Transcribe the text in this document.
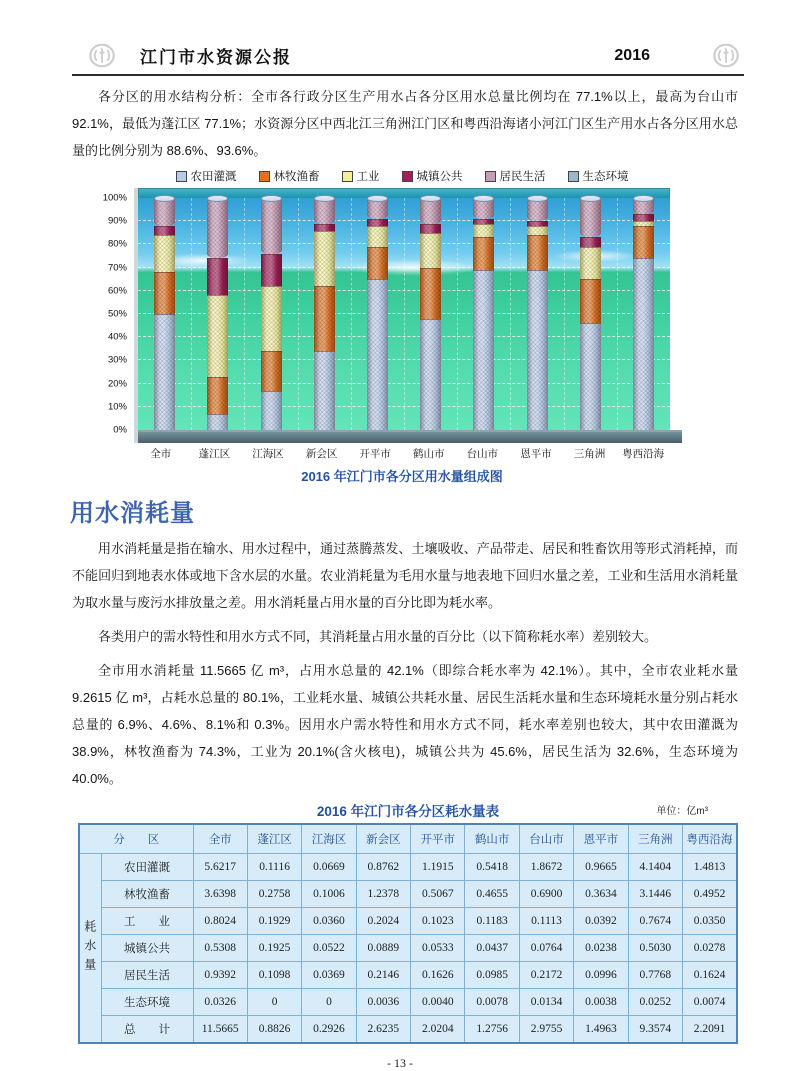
江门市水资源公报	2016
各分区的用水结构分析：全市各行政分区生产用水占各分区用水总量比例均在 77.1%以上，最高为台山市 92.1%，最低为蓬江区 77.1%；水资源分区中西北江三角洲江门区和粤西沿海诸小河江门区生产用水占各分区用水总量的比例分别为 88.6%、93.6%。
农田灌溉	林牧渔畜	工业	城镇公共	居民生活	生态环境
0%
10%
20%
30%
40%
50%
60%
70%
80%
90%
100%
全市	蓬江区	江海区	新会区	开平市	鹤山市	台山市	恩平市	三角洲	粤西沿海
2016 年江门市各分区用水量组成图
用水消耗量
用水消耗量是指在输水、用水过程中，通过蒸腾蒸发、土壤吸收、产品带走、居民和牲畜饮用等形式消耗掉，而不能回归到地表水体或地下含水层的水量。农业消耗量为毛用水量与地表地下回归水量之差，工业和生活用水消耗量为取水量与废污水排放量之差。用水消耗量占用水量的百分比即为耗水率。
各类用户的需水特性和用水方式不同，其消耗量占用水量的百分比（以下简称耗水率）差别较大。
全市用水消耗量 11.5665 亿 m³，占用水总量的 42.1%（即综合耗水率为 42.1%）。其中，全市农业耗水量 9.2615 亿 m³，占耗水总量的 80.1%，工业耗水量、城镇公共耗水量、居民生活耗水量和生态环境耗水量分别占耗水总量的 6.9%、4.6%、8.1%和 0.3%。因用水户需水特性和用水方式不同，耗水率差别也较大，其中农田灌溉为 38.9%，林牧渔畜为 74.3%，工业为 20.1%(含火核电)，城镇公共为 45.6%，居民生活为 32.6%，生态环境为 40.0%。
2016 年江门市各分区耗水量表	单位：亿m³
分　　区		全市	蓬江区	江海区	新会区	开平市	鹤山市	台山市	恩平市	三角洲	粤西沿海
耗水量	农田灌溉	5.6217	0.1116	0.0669	0.8762	1.1915	0.5418	1.8672	0.9665	4.1404	1.4813
	林牧渔畜	3.6398	0.2758	0.1006	1.2378	0.5067	0.4655	0.6900	0.3634	3.1446	0.4952
	工　　业	0.8024	0.1929	0.0360	0.2024	0.1023	0.1183	0.1113	0.0392	0.7674	0.0350
	城镇公共	0.5308	0.1925	0.0522	0.0889	0.0533	0.0437	0.0764	0.0238	0.5030	0.0278
	居民生活	0.9392	0.1098	0.0369	0.2146	0.1626	0.0985	0.2172	0.0996	0.7768	0.1624
	生态环境	0.0326	0	0	0.0036	0.0040	0.0078	0.0134	0.0038	0.0252	0.0074
	总　　计	11.5665	0.8826	0.2926	2.6235	2.0204	1.2756	2.9755	1.4963	9.3574	2.2091
- 13 -
